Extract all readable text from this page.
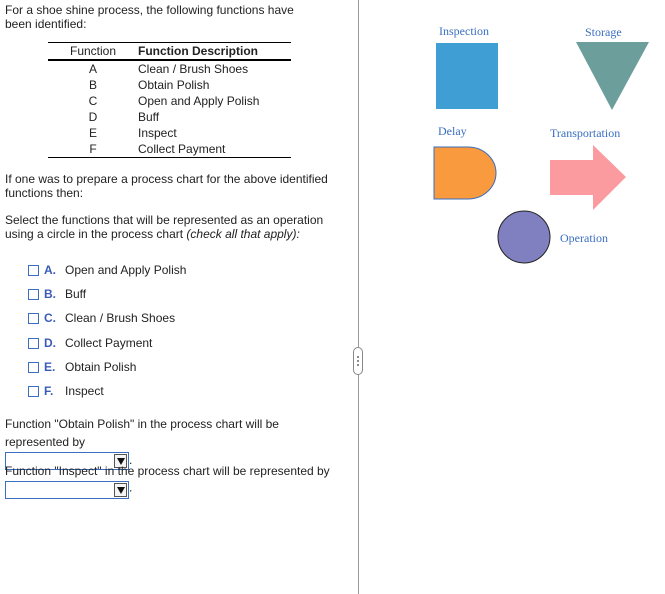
For a shoe shine process, the following functions have been identified:
Function	Function Description
A	Clean / Brush Shoes
B	Obtain Polish
C	Open and Apply Polish
D	Buff
E	Inspect
F	Collect Payment
If one was to prepare a process chart for the above identified functions then:
Select the functions that will be represented as an operation using a circle in the process chart (check all that apply):
A. Open and Apply Polish
B. Buff
C. Clean / Brush Shoes
D. Collect Payment
E. Obtain Polish
F. Inspect
Function "Obtain Polish" in the process chart will be represented by

.
Function "Inspect" in the process chart will be represented by

.
Inspection	Storage
Delay	Transportation
Operation
